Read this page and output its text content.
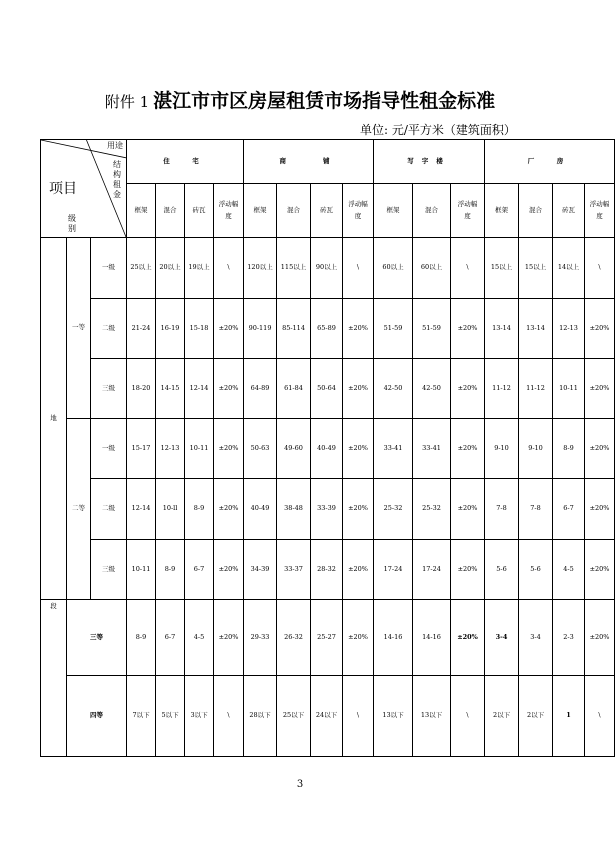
附件 1 湛江市市区房屋租赁市场指导性租金标准
单位: 元/平方米（建筑面积）
用途
结构租金
级别
项目			住　宅				商　　铺				写字楼			厂　房			
			框架	混合	砖瓦	浮动幅度	框架	混合	砖瓦	浮动幅度	框架	混合	浮动幅度	框架	混合	砖瓦	浮动幅度

地	一等	一级	25以上	20以上	19以上	\	120以上	115以上	90以上	\	60以上	60以上	\	15以上	15以上	14以上	\
		二级	21-24	16-19	15-18	±20%	90-119	85-114	65-89	±20%	51-59	51-59	±20%	13-14	13-14	12-13	±20%
		三级	18-20	14-15	12-14	±20%	64-89	61-84	50-64	±20%	42-50	42-50	±20%	11-12	11-12	10-11	±20%
	二等	一级	15-17	12-13	10-11	±20%	50-63	49-60	40-49	±20%	33-41	33-41	±20%	9-10	9-10	8-9	±20%
		二级	12-14	10-ll	8-9	±20%	40-49	38-48	33-39	±20%	25-32	25-32	±20%	7-8	7-8	6-7	±20%
		三级	10-11	8-9	6-7	±20%	34-39	33-37	28-32	±20%	17-24	17-24	±20%	5-6	5-6	4-5	±20%

段	三等		8-9	6-7	4-5	±20%	29-33	26-32	25-27	±20%	14-16	14-16	±20%	3-4	3-4	2-3	±20%
	四等		7以下	5以下	3以下	\	28以下	25以下	24以下	\	13以下	13以下	\	2以下	2以下	1	\
3
